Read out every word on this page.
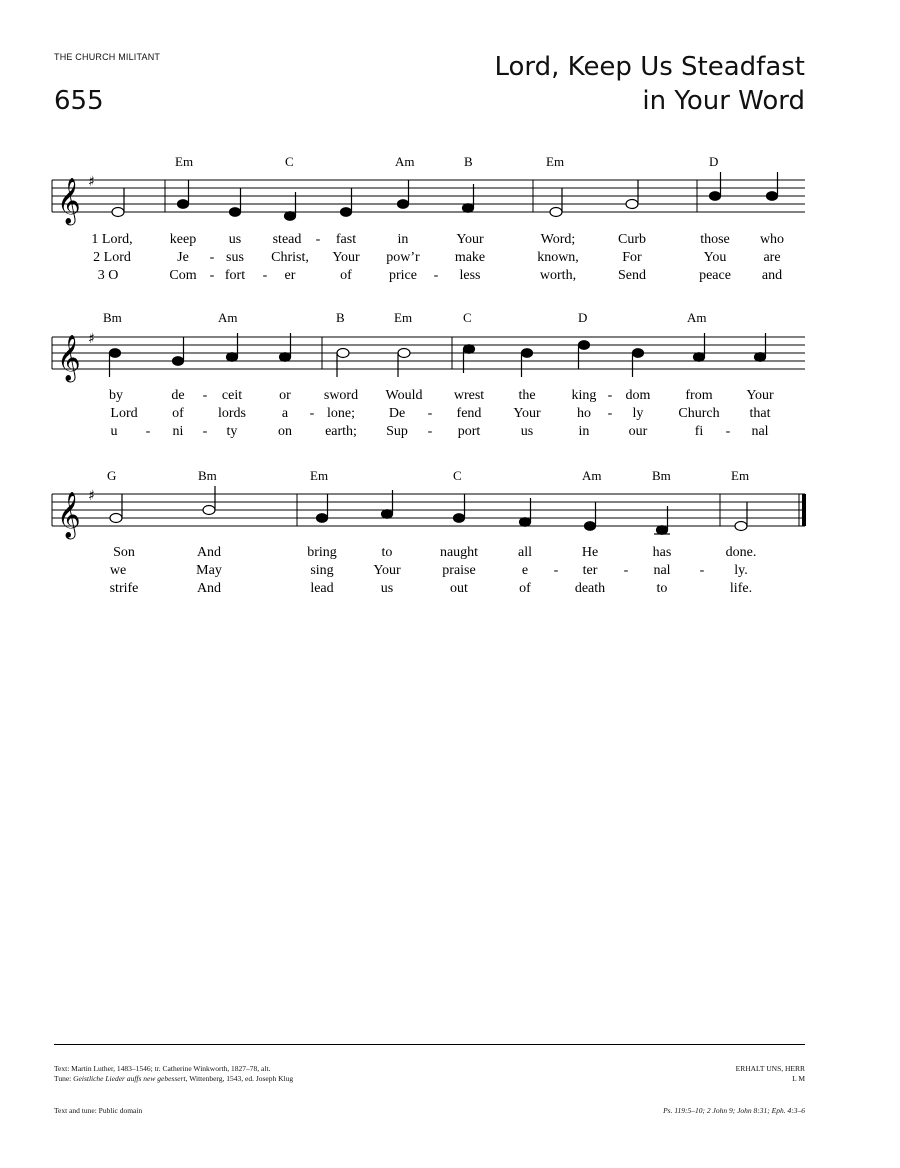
THE CHURCH MILITANT
655
Lord, Keep Us Steadfast
in Your Word
𝄞 ♯
Em	C	Am	B	Em	D
1 Lord,	keep us stead - fast	in	Your	Word;	Curb	those who
2 Lord	Je - sus Christ, Your pow’r	make	known,	For	You	are
3 O	Com - fort - er	of	price - less	worth,	Send	peace and
𝄞 ♯
Bm	Am	B	Em	C	D	Am
by	de - ceit	or sword Would wrest the	king - dom from Your
Lord of lords	a - lone; De - fend Your	ho - ly Church that
u - ni - ty	on earth; Sup - port	us	in	our	fi - nal
𝄞 ♯
G	Bm	Em	C	Am	Bm	Em
Son	And	bring	to	naught	all	He	has	done.
we	May	sing	Your	praise	e - ter - nal - ly.
strife	And	lead	us	out	of	death	to	life.
Text: Martin Luther, 1483–1546; tr. Catherine Winkworth, 1827–78, alt.
Tune: Geistliche Lieder auffs new gebessert, Wittenberg, 1543, ed. Joseph Klug
ERHALT UNS, HERR
L M
Text and tune: Public domain	Ps. 119:5–10; 2 John 9; John 8:31; Eph. 4:3–6
